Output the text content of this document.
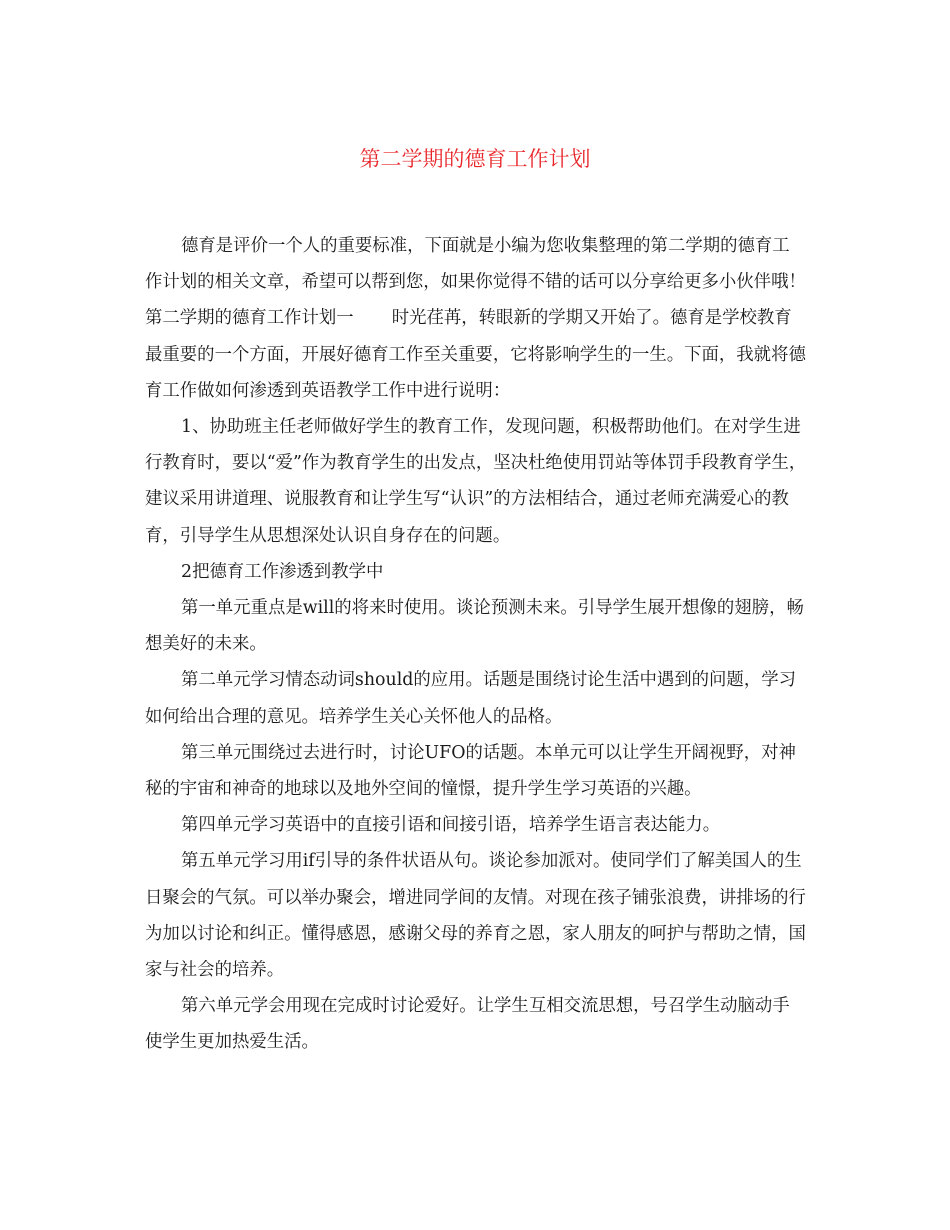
第二学期的德育工作计划

德育是评价一个人的重要标准，下面就是小编为您收集整理的第二学期的德育工作计划的相关文章，希望可以帮到您，如果你觉得不错的话可以分享给更多小伙伴哦！

第二学期的德育工作计划一 时光荏苒，转眼新的学期又开始了。德育是学校教育最重要的一个方面，开展好德育工作至关重要，它将影响学生的一生。下面，我就将德育工作做如何渗透到英语教学工作中进行说明：

1、协助班主任老师做好学生的教育工作，发现问题，积极帮助他们。在对学生进行教育时，要以“爱”作为教育学生的出发点，坚决杜绝使用罚站等体罚手段教育学生，建议采用讲道理、说服教育和让学生写“认识”的方法相结合，通过老师充满爱心的教育，引导学生从思想深处认识自身存在的问题。

2把德育工作渗透到教学中

第一单元重点是will的将来时使用。谈论预测未来。引导学生展开想像的翅膀，畅想美好的未来。

第二单元学习情态动词should的应用。话题是围绕讨论生活中遇到的问题，学习如何给出合理的意见。培养学生关心关怀他人的品格。

第三单元围绕过去进行时，讨论UFO的话题。本单元可以让学生开阔视野，对神秘的宇宙和神奇的地球以及地外空间的憧憬，提升学生学习英语的兴趣。

第四单元学习英语中的直接引语和间接引语，培养学生语言表达能力。

第五单元学习用if引导的条件状语从句。谈论参加派对。使同学们了解美国人的生日聚会的气氛。可以举办聚会，增进同学间的友情。对现在孩子铺张浪费，讲排场的行为加以讨论和纠正。懂得感恩，感谢父母的养育之恩，家人朋友的呵护与帮助之情，国家与社会的培养。

第六单元学会用现在完成时讨论爱好。让学生互相交流思想，号召学生动脑动手使学生更加热爱生活。
